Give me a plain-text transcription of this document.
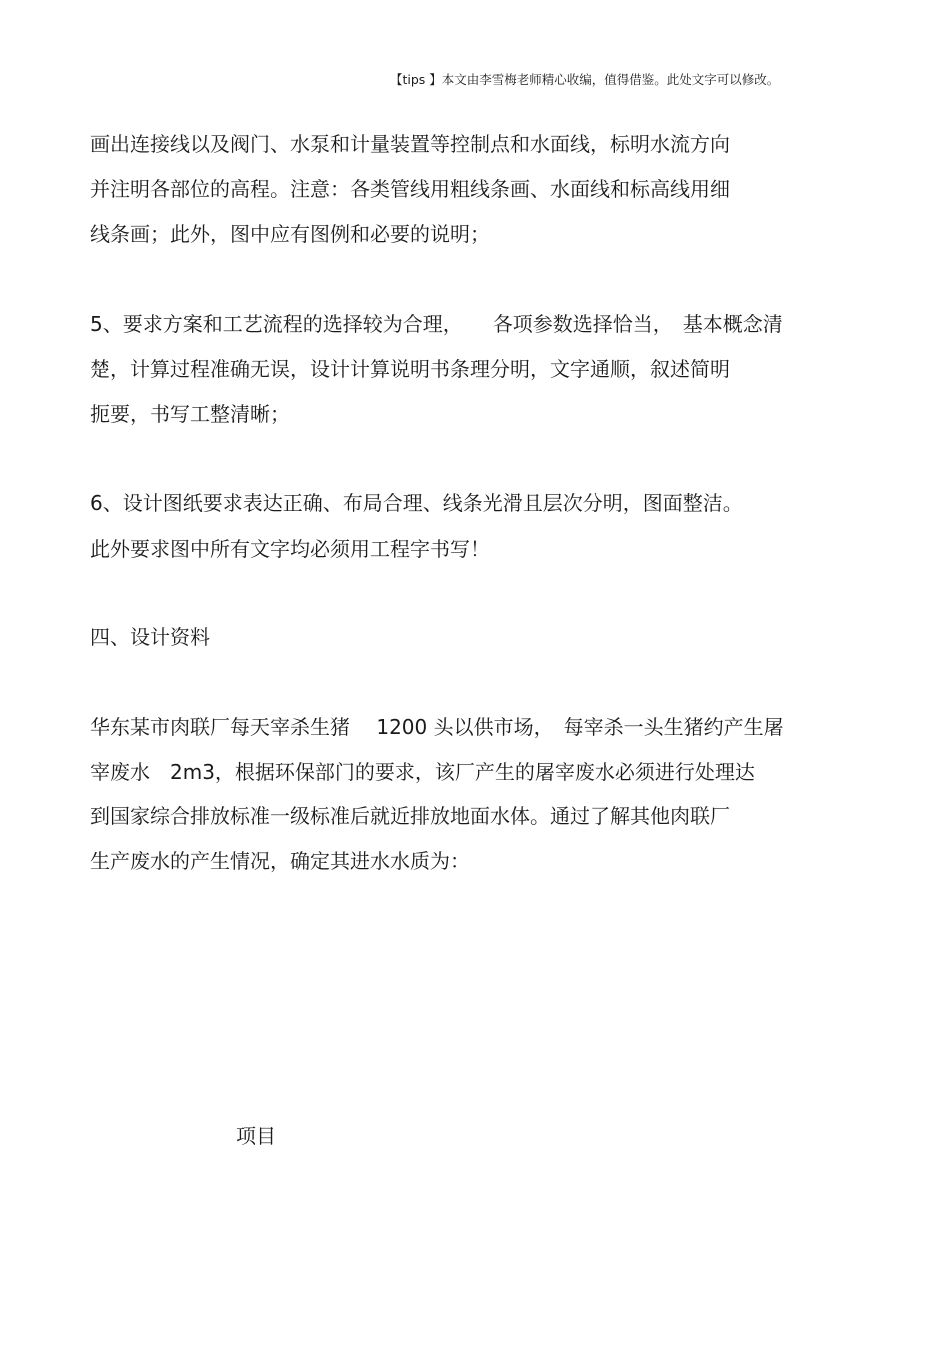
【tips 】本文由李雪梅老师精心收编，值得借鉴。此处文字可以修改。
画出连接线以及阀门、水泵和计量装置等控制点和水面线，标明水流方向
并注明各部位的高程。注意：各类管线用粗线条画、水面线和标高线用细
线条画；此外，图中应有图例和必要的说明；
5、要求方案和工艺流程的选择较为合理，　　各项参数选择恰当，　基本概念清
楚，计算过程准确无误，设计计算说明书条理分明，文字通顺，叙述简明
扼要，书写工整清晰；
6、设计图纸要求表达正确、布局合理、线条光滑且层次分明，图面整洁。
此外要求图中所有文字均必须用工程字书写！
四、设计资料
华东某市肉联厂每天宰杀生猪　 1200 头以供市场，　每宰杀一头生猪约产生屠
宰废水　2m3，根据环保部门的要求，该厂产生的屠宰废水必须进行处理达
到国家综合排放标准一级标准后就近排放地面水体。通过了解其他肉联厂
生产废水的产生情况，确定其进水水质为：
项目
